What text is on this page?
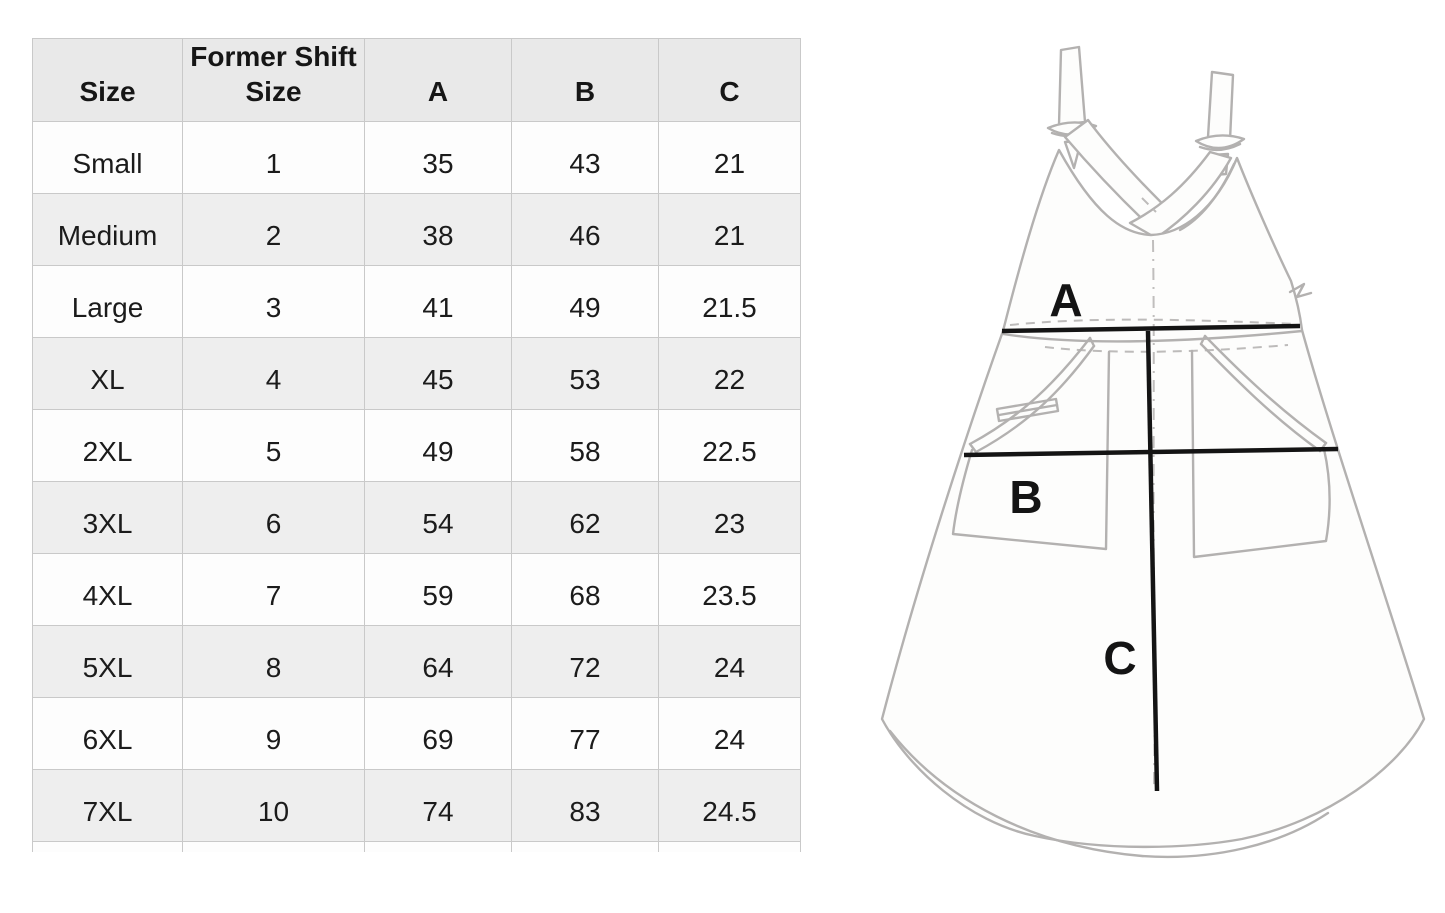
Size	Former Shift Size	A	B	C
Small	1	35	43	21
Medium	2	38	46	21
Large	3	41	49	21.5
XL	4	45	53	22
2XL	5	49	58	22.5
3XL	6	54	62	23
4XL	7	59	68	23.5
5XL	8	64	72	24
6XL	9	69	77	24
7XL	10	74	83	24.5

A
B
C
